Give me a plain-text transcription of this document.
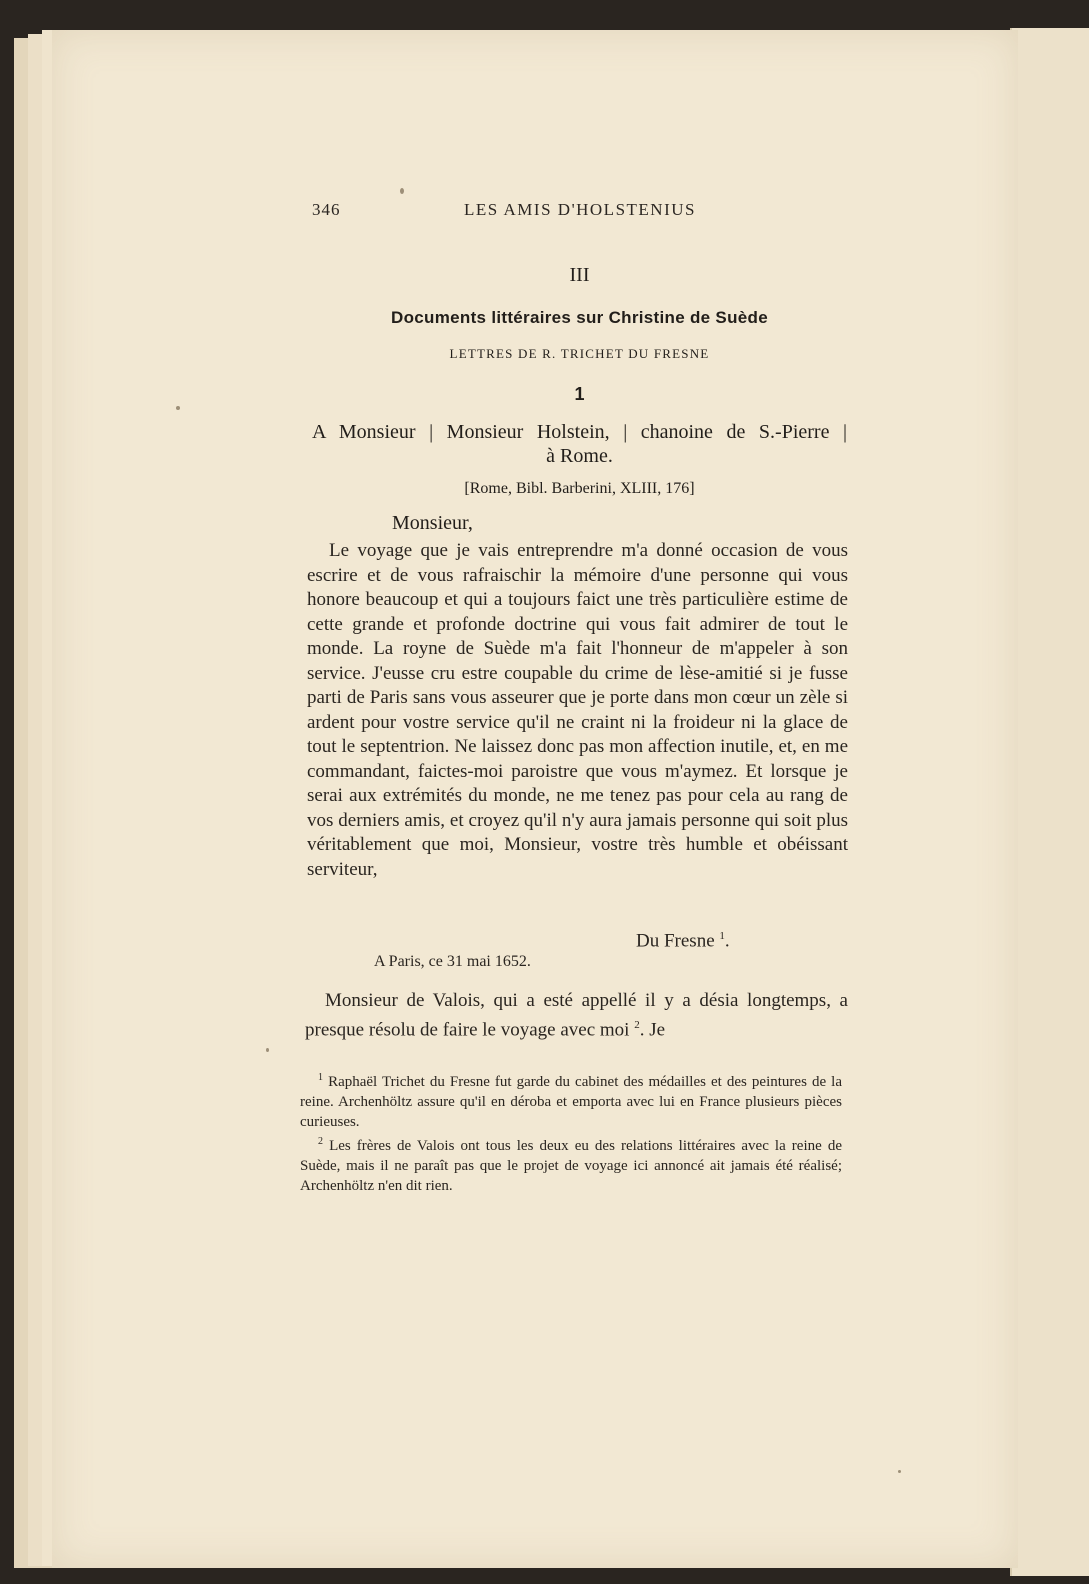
346	LES AMIS D'HOLSTENIUS
III
Documents littéraires sur Christine de Suède
LETTRES DE R. TRICHET DU FRESNE
1
A Monsieur | Monsieur Holstein, | chanoine de S.-Pierre |
à Rome.
[Rome, Bibl. Barberini, XLIII, 176]
Monsieur,
Le voyage que je vais entreprendre m'a donné occasion de vous escrire et de vous rafraischir la mémoire d'une personne qui vous honore beaucoup et qui a toujours faict une très particulière estime de cette grande et profonde doctrine qui vous fait admirer de tout le monde. La royne de Suède m'a fait l'honneur de m'appeler à son service. J'eusse cru estre coupable du crime de lèse-amitié si je fusse parti de Paris sans vous asseurer que je porte dans mon cœur un zèle si ardent pour vostre service qu'il ne craint ni la froideur ni la glace de tout le septentrion. Ne laissez donc pas mon affection inutile, et, en me commandant, faictes-moi paroistre que vous m'aymez. Et lorsque je serai aux extrémités du monde, ne me tenez pas pour cela au rang de vos derniers amis, et croyez qu'il n'y aura jamais personne qui soit plus véritablement que moi, Monsieur, vostre très humble et obéissant serviteur,
Du Fresne $^1$.
A Paris, ce 31 mai 1652.
Monsieur de Valois, qui a esté appellé il y a désia longtemps, a presque résolu de faire le voyage avec moi $^2$. Je

$^1$ Raphaël Trichet du Fresne fut garde du cabinet des médailles et des peintures de la reine. Archenhöltz assure qu'il en déroba et emporta avec lui en France plusieurs pièces curieuses.

$^2$ Les frères de Valois ont tous les deux eu des relations littéraires avec la reine de Suède, mais il ne paraît pas que le projet de voyage ici annoncé ait jamais été réalisé; Archenhöltz n'en dit rien.
